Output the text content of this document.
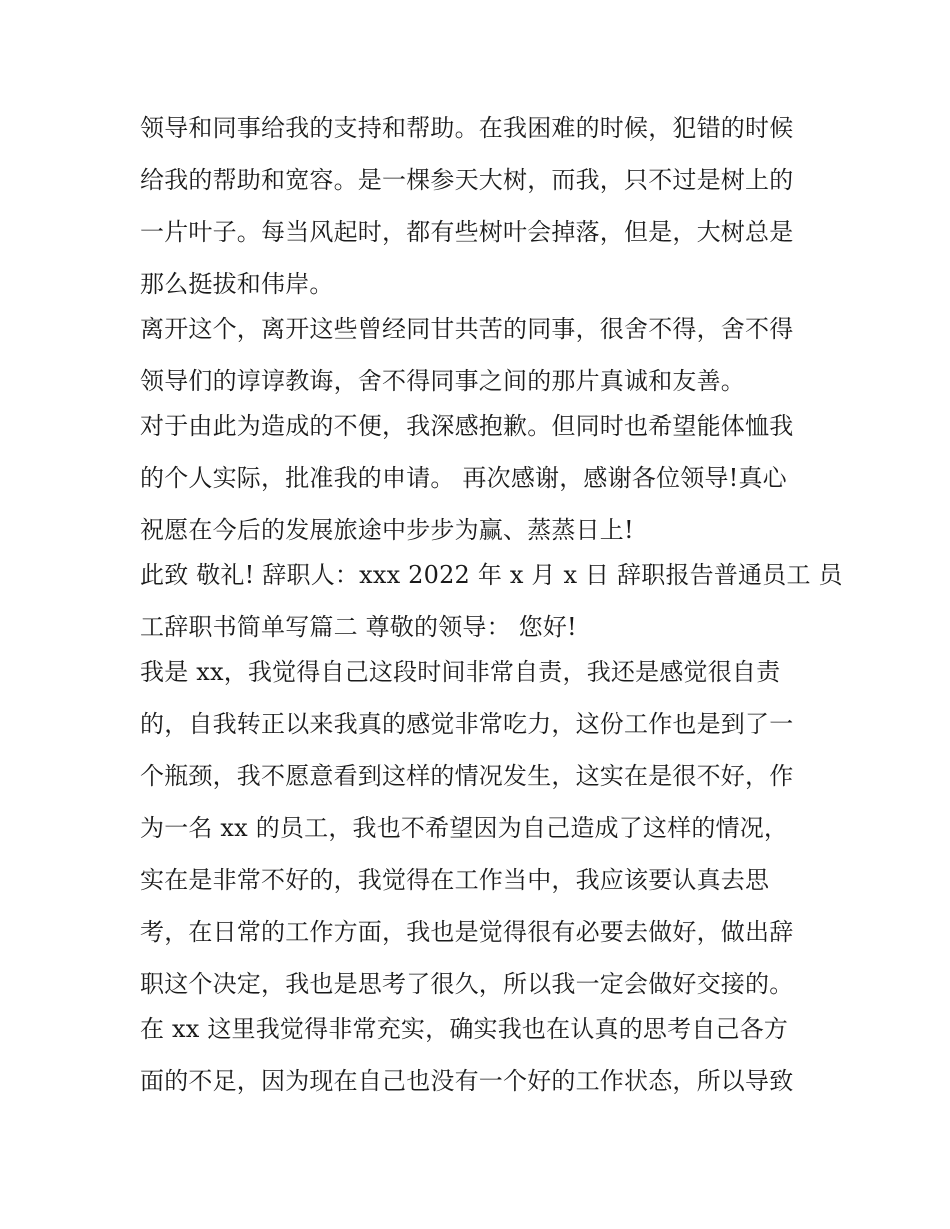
领导和同事给我的支持和帮助。在我困难的时候，犯错的时候
给我的帮助和宽容。是一棵参天大树，而我，只不过是树上的
一片叶子。每当风起时，都有些树叶会掉落，但是，大树总是
那么挺拔和伟岸。
离开这个，离开这些曾经同甘共苦的同事，很舍不得，舍不得
领导们的谆谆教诲，舍不得同事之间的那片真诚和友善。
对于由此为造成的不便，我深感抱歉。但同时也希望能体恤我
的个人实际，批准我的申请。 再次感谢，感谢各位领导!真心
祝愿在今后的发展旅途中步步为赢、蒸蒸日上!
此致 敬礼! 辞职人：xxx 2022 年 x 月 x 日 辞职报告普通员工 员
工辞职书简单写篇二 尊敬的领导： 您好!
我是 xx，我觉得自己这段时间非常自责，我还是感觉很自责
的，自我转正以来我真的感觉非常吃力，这份工作也是到了一
个瓶颈，我不愿意看到这样的情况发生，这实在是很不好，作
为一名 xx 的员工，我也不希望因为自己造成了这样的情况，
实在是非常不好的，我觉得在工作当中，我应该要认真去思
考，在日常的工作方面，我也是觉得很有必要去做好，做出辞
职这个决定，我也是思考了很久，所以我一定会做好交接的。
在 xx 这里我觉得非常充实，确实我也在认真的思考自己各方
面的不足，因为现在自己也没有一个好的工作状态，所以导致
